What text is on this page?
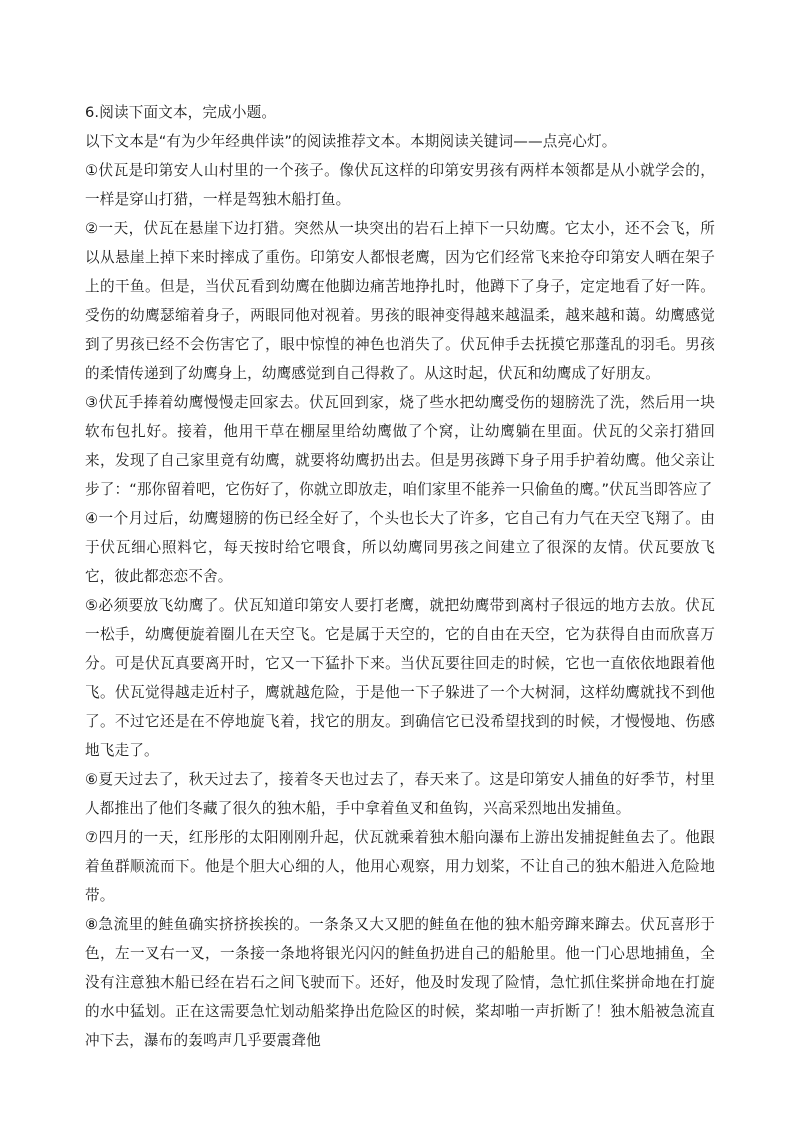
6.阅读下面文本，完成小题。

以下文本是“有为少年经典伴读”的阅读推荐文本。本期阅读关键词——点亮心灯。

①伏瓦是印第安人山村里的一个孩子。像伏瓦这样的印第安男孩有两样本领都是从小就学会的，一样是穿山打猎，一样是驾独木船打鱼。

②一天，伏瓦在悬崖下边打猎。突然从一块突出的岩石上掉下一只幼鹰。它太小，还不会飞，所以从悬崖上掉下来时摔成了重伤。印第安人都恨老鹰，因为它们经常飞来抢夺印第安人晒在架子上的干鱼。但是，当伏瓦看到幼鹰在他脚边痛苦地挣扎时，他蹲下了身子，定定地看了好一阵。受伤的幼鹰瑟缩着身子，两眼同他对视着。男孩的眼神变得越来越温柔，越来越和蔼。幼鹰感觉到了男孩已经不会伤害它了，眼中惊惶的神色也消失了。伏瓦伸手去抚摸它那蓬乱的羽毛。男孩的柔情传递到了幼鹰身上，幼鹰感觉到自己得救了。从这时起，伏瓦和幼鹰成了好朋友。

③伏瓦手捧着幼鹰慢慢走回家去。伏瓦回到家，烧了些水把幼鹰受伤的翅膀洗了洗，然后用一块软布包扎好。接着，他用干草在棚屋里给幼鹰做了个窝，让幼鹰躺在里面。伏瓦的父亲打猎回来，发现了自己家里竟有幼鹰，就要将幼鹰扔出去。但是男孩蹲下身子用手护着幼鹰。他父亲让步了：“那你留着吧，它伤好了，你就立即放走，咱们家里不能养一只偷鱼的鹰。”伏瓦当即答应了

④一个月过后，幼鹰翅膀的伤已经全好了，个头也长大了许多，它自己有力气在天空飞翔了。由于伏瓦细心照料它，每天按时给它喂食，所以幼鹰同男孩之间建立了很深的友情。伏瓦要放飞它，彼此都恋恋不舍。

⑤必须要放飞幼鹰了。伏瓦知道印第安人要打老鹰，就把幼鹰带到离村子很远的地方去放。伏瓦一松手，幼鹰便旋着圈儿在天空飞。它是属于天空的，它的自由在天空，它为获得自由而欣喜万分。可是伏瓦真要离开时，它又一下猛扑下来。当伏瓦要往回走的时候，它也一直依依地跟着他飞。伏瓦觉得越走近村子，鹰就越危险，于是他一下子躲进了一个大树洞，这样幼鹰就找不到他了。不过它还是在不停地旋飞着，找它的朋友。到确信它已没希望找到的时候，才慢慢地、伤感地飞走了。

⑥夏天过去了，秋天过去了，接着冬天也过去了，春天来了。这是印第安人捕鱼的好季节，村里人都推出了他们冬藏了很久的独木船，手中拿着鱼叉和鱼钩，兴高采烈地出发捕鱼。

⑦四月的一天，红彤彤的太阳刚刚升起，伏瓦就乘着独木船向瀑布上游出发捕捉鲑鱼去了。他跟着鱼群顺流而下。他是个胆大心细的人，他用心观察，用力划桨，不让自己的独木船进入危险地带。

⑧急流里的鲑鱼确实挤挤挨挨的。一条条又大又肥的鲑鱼在他的独木船旁蹿来蹿去。伏瓦喜形于色，左一叉右一叉，一条接一条地将银光闪闪的鲑鱼扔进自己的船舱里。他一门心思地捕鱼，全没有注意独木船已经在岩石之间飞驶而下。还好，他及时发现了险情，急忙抓住桨拼命地在打旋的水中猛划。正在这需要急忙划动船桨挣出危险区的时候，桨却啪一声折断了！独木船被急流直冲下去，瀑布的轰鸣声几乎要震聋他
